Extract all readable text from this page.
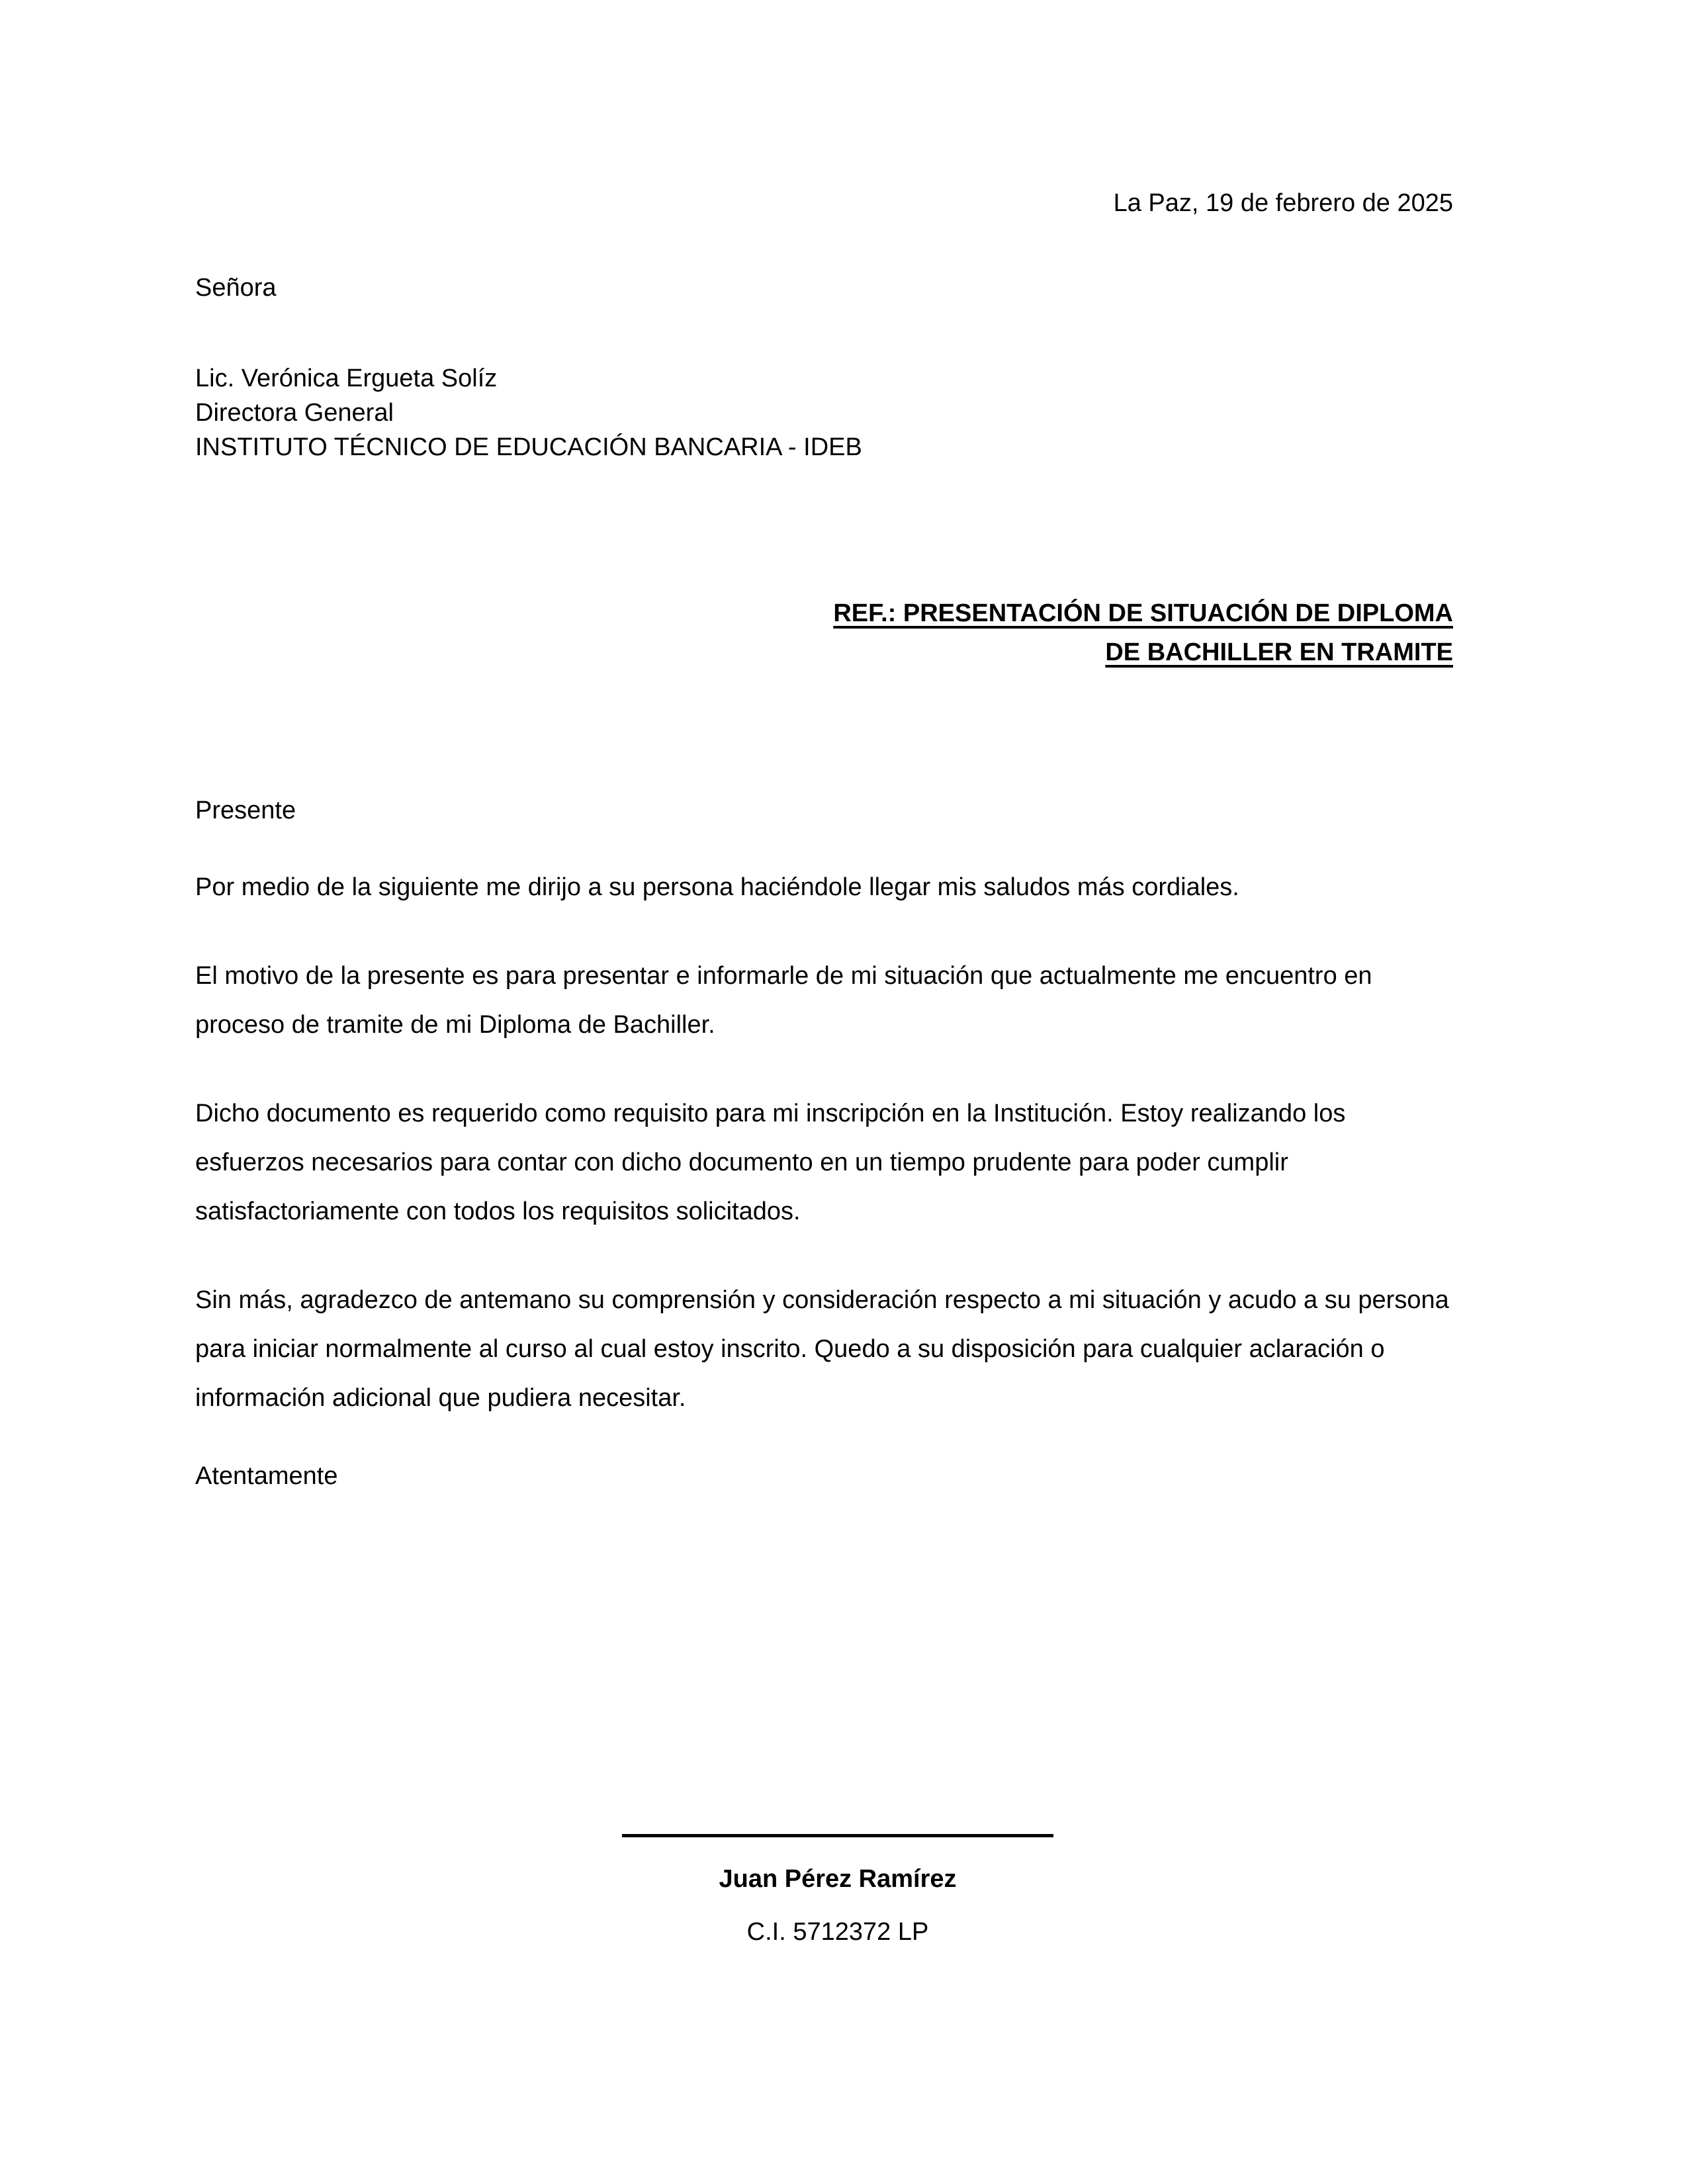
La Paz, 19 de febrero de 2025
Señora
Lic. Verónica Ergueta Solíz
Directora General
INSTITUTO TÉCNICO DE EDUCACIÓN BANCARIA - IDEB
REF.: PRESENTACIÓN DE SITUACIÓN DE DIPLOMA
DE BACHILLER EN TRAMITE
Presente
Por medio de la siguiente me dirijo a su persona haciéndole llegar mis saludos más cordiales.
El motivo de la presente es para presentar e informarle de mi situación que actualmente me encuentro en proceso de tramite de mi Diploma de Bachiller.
Dicho documento es requerido como requisito para mi inscripción en la Institución. Estoy realizando los esfuerzos necesarios para contar con dicho documento en un tiempo prudente para poder cumplir satisfactoriamente con todos los requisitos solicitados.
Sin más, agradezco de antemano su comprensión y consideración respecto a mi situación y acudo a su persona para iniciar normalmente al curso al cual estoy inscrito. Quedo a su disposición para cualquier aclaración o información adicional que pudiera necesitar.
Atentamente
Juan Pérez Ramírez
C.I. 5712372 LP
